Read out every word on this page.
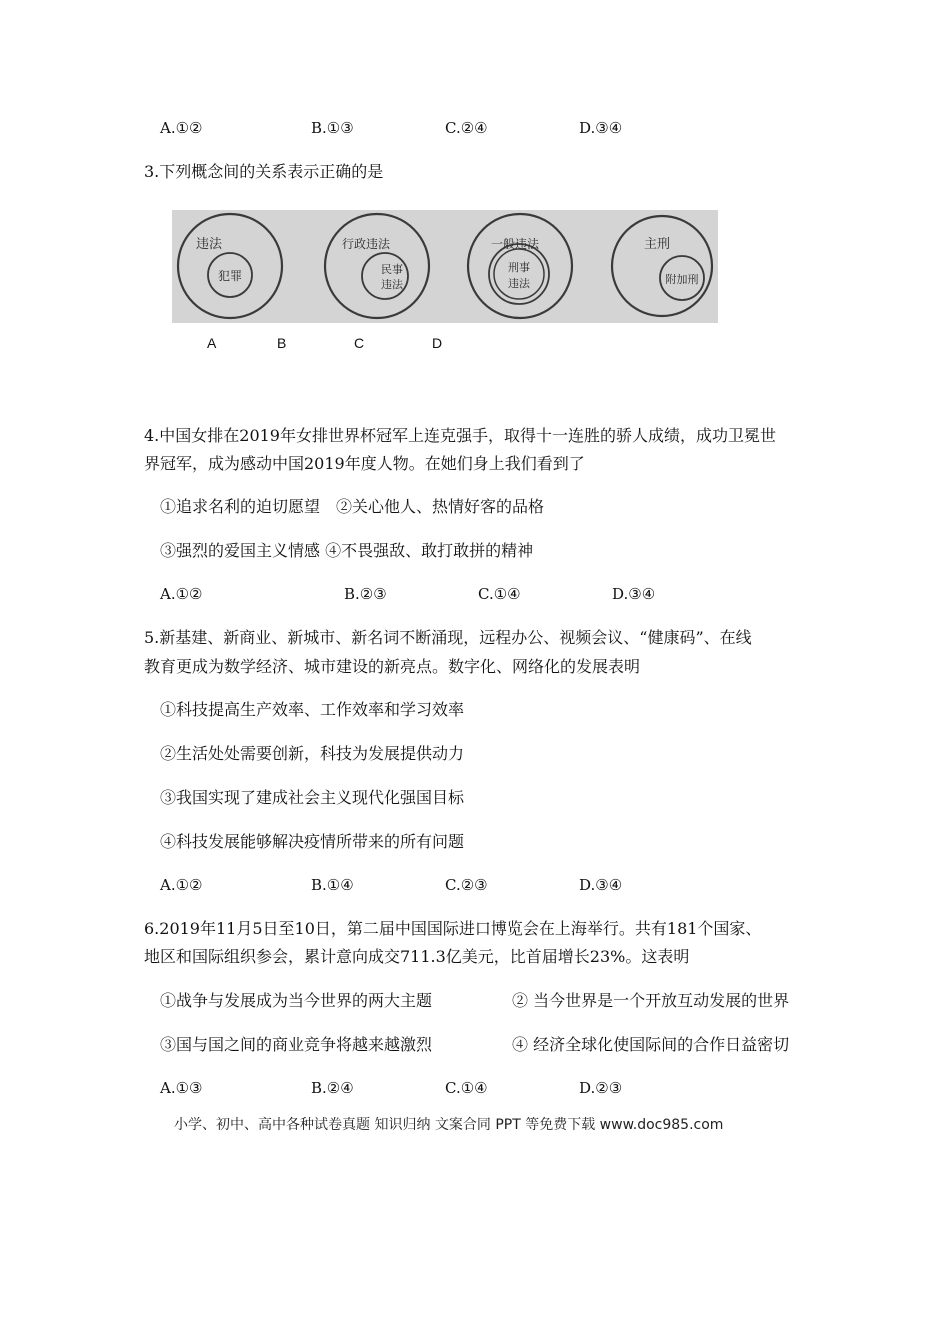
A.①②	B.①③	C.②④	D.③④
3.下列概念间的关系表示正确的是
违法
犯罪
行政违法
民事
违法
一般违法
刑事
违法
主刑
附加刑
A	B	C	D
4.中国女排在2019年女排世界杯冠军上连克强手，取得十一连胜的骄人成绩，成功卫冕世
界冠军，成为感动中国2019年度人物。在她们身上我们看到了
①追求名利的迫切愿望　②关心他人、热情好客的品格
③强烈的爱国主义情感 ④不畏强敌、敢打敢拼的精神
A.①②	B.②③	C.①④	D.③④
5.新基建、新商业、新城市、新名词不断涌现，远程办公、视频会议、“健康码”、在线
教育更成为数学经济、城市建设的新亮点。数字化、网络化的发展表明
①科技提高生产效率、工作效率和学习效率
②生活处处需要创新，科技为发展提供动力
③我国实现了建成社会主义现代化强国目标
④科技发展能够解决疫情所带来的所有问题
A.①②	B.①④	C.②③	D.③④
6.2019年11月5日至10日，第二届中国国际进口博览会在上海举行。共有181个国家、
地区和国际组织参会，累计意向成交711.3亿美元，比首届增长23%。这表明
①战争与发展成为当今世界的两大主题	② 当今世界是一个开放互动发展的世界
③国与国之间的商业竞争将越来越激烈	④ 经济全球化使国际间的合作日益密切
A.①③	B.②④	C.①④	D.②③
小学、初中、高中各种试卷真题 知识归纳 文案合同 PPT 等免费下载 www.doc985.com
